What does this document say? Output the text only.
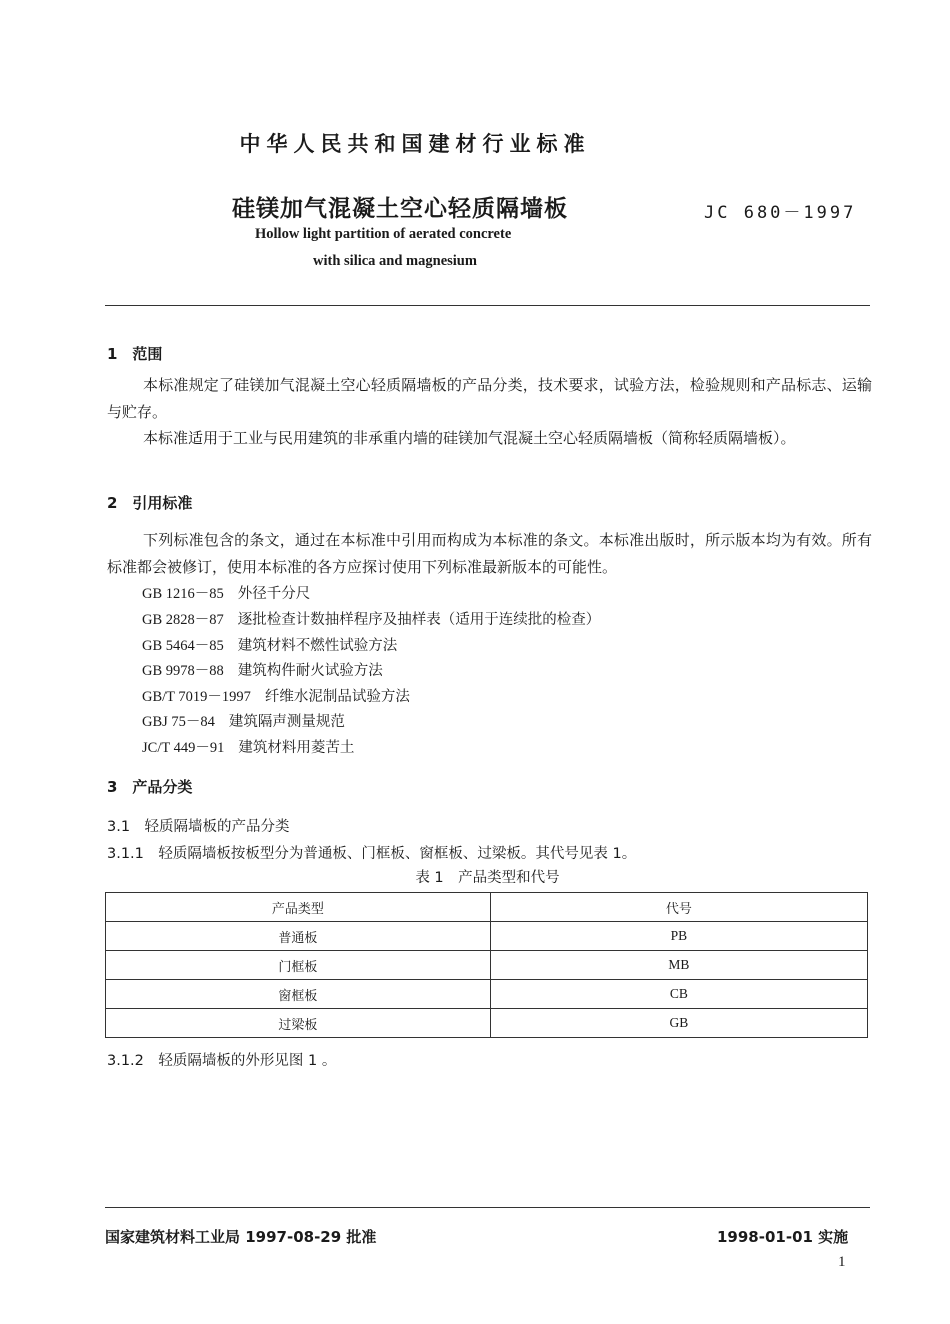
中华人民共和国建材行业标准
硅镁加气混凝土空心轻质隔墙板	JC 680－1997
Hollow light partition of aerated concrete
with silica and magnesium
1　范围
本标准规定了硅镁加气混凝土空心轻质隔墙板的产品分类，技术要求，试验方法，检验规则和产品标志、运输与贮存。
本标准适用于工业与民用建筑的非承重内墙的硅镁加气混凝土空心轻质隔墙板（简称轻质隔墙板）。
2　引用标准
下列标准包含的条文，通过在本标准中引用而构成为本标准的条文。本标准出版时，所示版本均为有效。所有标准都会被修订，使用本标准的各方应探讨使用下列标准最新版本的可能性。
GB 1216－85 外径千分尺
GB 2828－87 逐批检查计数抽样程序及抽样表（适用于连续批的检查）
GB 5464－85 建筑材料不燃性试验方法
GB 9978－88 建筑构件耐火试验方法
GB/T 7019－1997 纤维水泥制品试验方法
GBJ 75－84 建筑隔声测量规范
JC/T 449－91 建筑材料用菱苦土
3　产品分类
3.1　轻质隔墙板的产品分类
3.1.1　轻质隔墙板按板型分为普通板、门框板、窗框板、过梁板。其代号见表 1。
表 1　产品类型和代号
产品类型	代号
普通板	PB
门框板	MB
窗框板	CB
过梁板	GB
3.1.2　轻质隔墙板的外形见图 1 。
国家建筑材料工业局 1997-08-29 批准	1998-01-01 实施
1
